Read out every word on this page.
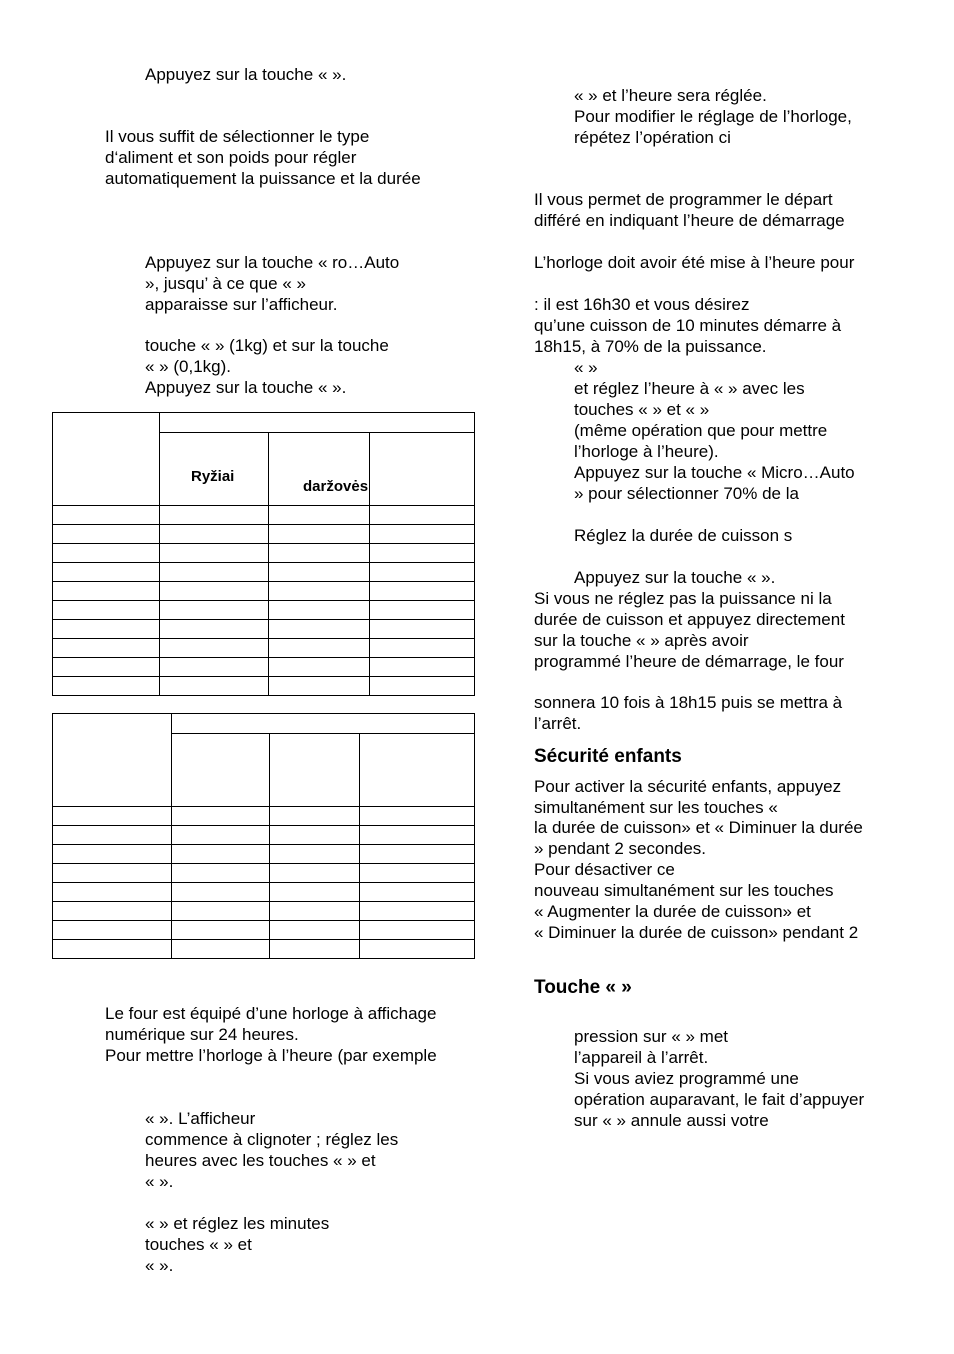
Appuyez sur la touche « ».
Il vous suffit de sélectionner le type
d‘aliment et son poids pour régler
automatiquement la puissance et la durée
Appuyez sur la touche « ro…Auto
», jusqu’ à ce que « »
apparaisse sur l’afficheur.
touche « » (1kg) et sur la touche
« » (0,1kg).
Appuyez sur la touche « ».

	Ryžiai	daržovės	

Le four est équipé d’une horloge à affichage
numérique sur 24 heures.
Pour mettre l’horloge à l’heure (par exemple
« ». L’afficheur
commence à clignoter ; réglez les
heures avec les touches « » et
« ».
« » et réglez les minutes
touches « » et
« ».
« » et l’heure sera réglée.
Pour modifier le réglage de l’horloge,
répétez l’opération ci
Il vous permet de programmer le départ
différé en indiquant l’heure de démarrage
L’horloge doit avoir été mise à l’heure pour
: il est 16h30 et vous désirez
qu’une cuisson de 10 minutes démarre à
18h15, à 70% de la puissance.
« »
et réglez l’heure à « » avec les
touches « » et « »
(même opération que pour mettre
l’horloge à l’heure).
Appuyez sur la touche « Micro…Auto
» pour sélectionner 70% de la
Réglez la durée de cuisson s
Appuyez sur la touche « ».
Si vous ne réglez pas la puissance ni la
durée de cuisson et appuyez directement
sur la touche « » après avoir
programmé l’heure de démarrage, le four
sonnera 10 fois à 18h15 puis se mettra à
l’arrêt.
Sécurité enfants
Pour activer la sécurité enfants, appuyez
simultanément sur les touches «
la durée de cuisson» et « Diminuer la durée
» pendant 2 secondes.
Pour désactiver ce
nouveau simultanément sur les touches
« Augmenter la durée de cuisson» et
« Diminuer la durée de cuisson» pendant 2
Touche « »
pression sur « » met
l’appareil à l’arrêt.
Si vous aviez programmé une
opération auparavant, le fait d’appuyer
sur « » annule aussi votre
